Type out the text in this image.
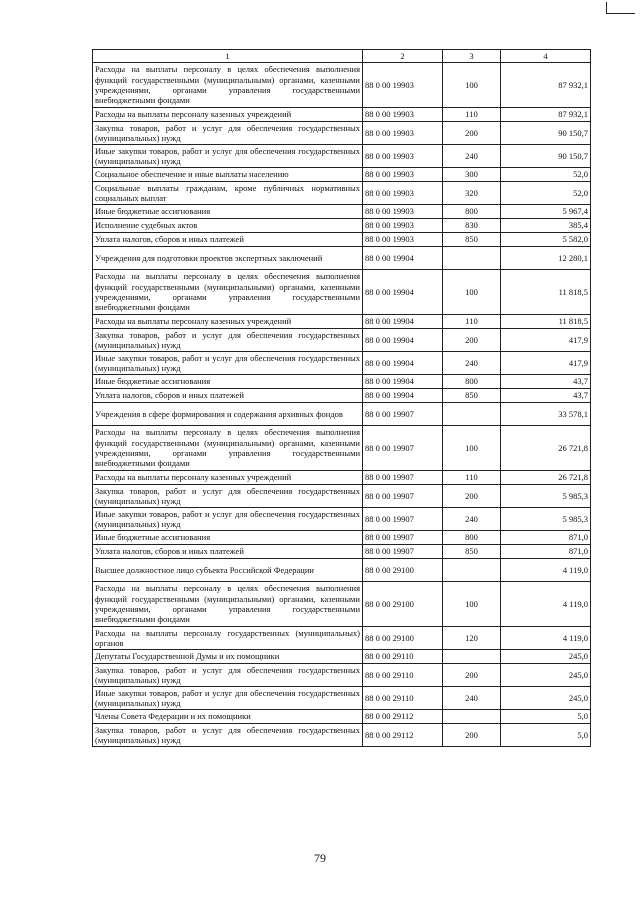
1	2	3	4
Расходы на выплаты персоналу в целях обеспечения выполнения функций государственными (муниципальными) органами, казенными учреждениями, органами управления государственными внебюджетными фондами	88 0 00 19903	100	87 932,1
Расходы на выплаты персоналу казенных учреждений	88 0 00 19903	110	87 932,1
Закупка товаров, работ и услуг для обеспечения государственных (муниципальных) нужд	88 0 00 19903	200	90 150,7
Иные закупки товаров, работ и услуг для обеспечения государственных (муниципальных) нужд	88 0 00 19903	240	90 150,7
Социальное обеспечение и иные выплаты населению	88 0 00 19903	300	52,0
Социальные выплаты гражданам, кроме публичных нормативных социальных выплат	88 0 00 19903	320	52,0
Иные бюджетные ассигнования	88 0 00 19903	800	5 967,4
Исполнение судебных актов	88 0 00 19903	830	385,4
Уплата налогов, сборов и иных платежей	88 0 00 19903	850	5 582,0
Учреждения для подготовки проектов экспертных заключений	88 0 00 19904		12 280,1
Расходы на выплаты персоналу в целях обеспечения выполнения функций государственными (муниципальными) органами, казенными учреждениями, органами управления государственными внебюджетными фондами	88 0 00 19904	100	11 818,5
Расходы на выплаты персоналу казенных учреждений	88 0 00 19904	110	11 818,5
Закупка товаров, работ и услуг для обеспечения государственных (муниципальных) нужд	88 0 00 19904	200	417,9
Иные закупки товаров, работ и услуг для обеспечения государственных (муниципальных) нужд	88 0 00 19904	240	417,9
Иные бюджетные ассигнования	88 0 00 19904	800	43,7
Уплата налогов, сборов и иных платежей	88 0 00 19904	850	43,7
Учреждения в сфере формирования и содержания архивных фондов	88 0 00 19907		33 578,1
Расходы на выплаты персоналу в целях обеспечения выполнения функций государственными (муниципальными) органами, казенными учреждениями, органами управления государственными внебюджетными фондами	88 0 00 19907	100	26 721,8
Расходы на выплаты персоналу казенных учреждений	88 0 00 19907	110	26 721,8
Закупка товаров, работ и услуг для обеспечения государственных (муниципальных) нужд	88 0 00 19907	200	5 985,3
Иные закупки товаров, работ и услуг для обеспечения государственных (муниципальных) нужд	88 0 00 19907	240	5 985,3
Иные бюджетные ассигнования	88 0 00 19907	800	871,0
Уплата налогов, сборов и иных платежей	88 0 00 19907	850	871,0
Высшее должностное лицо субъекта Российской Федерации	88 0 00 29100		4 119,0
Расходы на выплаты персоналу в целях обеспечения выполнения функций государственными (муниципальными) органами, казенными учреждениями, органами управления государственными внебюджетными фондами	88 0 00 29100	100	4 119,0
Расходы на выплаты персоналу государственных (муниципальных) органов	88 0 00 29100	120	4 119,0
Депутаты Государственной Думы и их помощники	88 0 00 29110		245,0
Закупка товаров, работ и услуг для обеспечения государственных (муниципальных) нужд	88 0 00 29110	200	245,0
Иные закупки товаров, работ и услуг для обеспечения государственных (муниципальных) нужд	88 0 00 29110	240	245,0
Члены Совета Федерации и их помощники	88 0 00 29112		5,0
Закупка товаров, работ и услуг для обеспечения государственных (муниципальных) нужд	88 0 00 29112	200	5,0
79
